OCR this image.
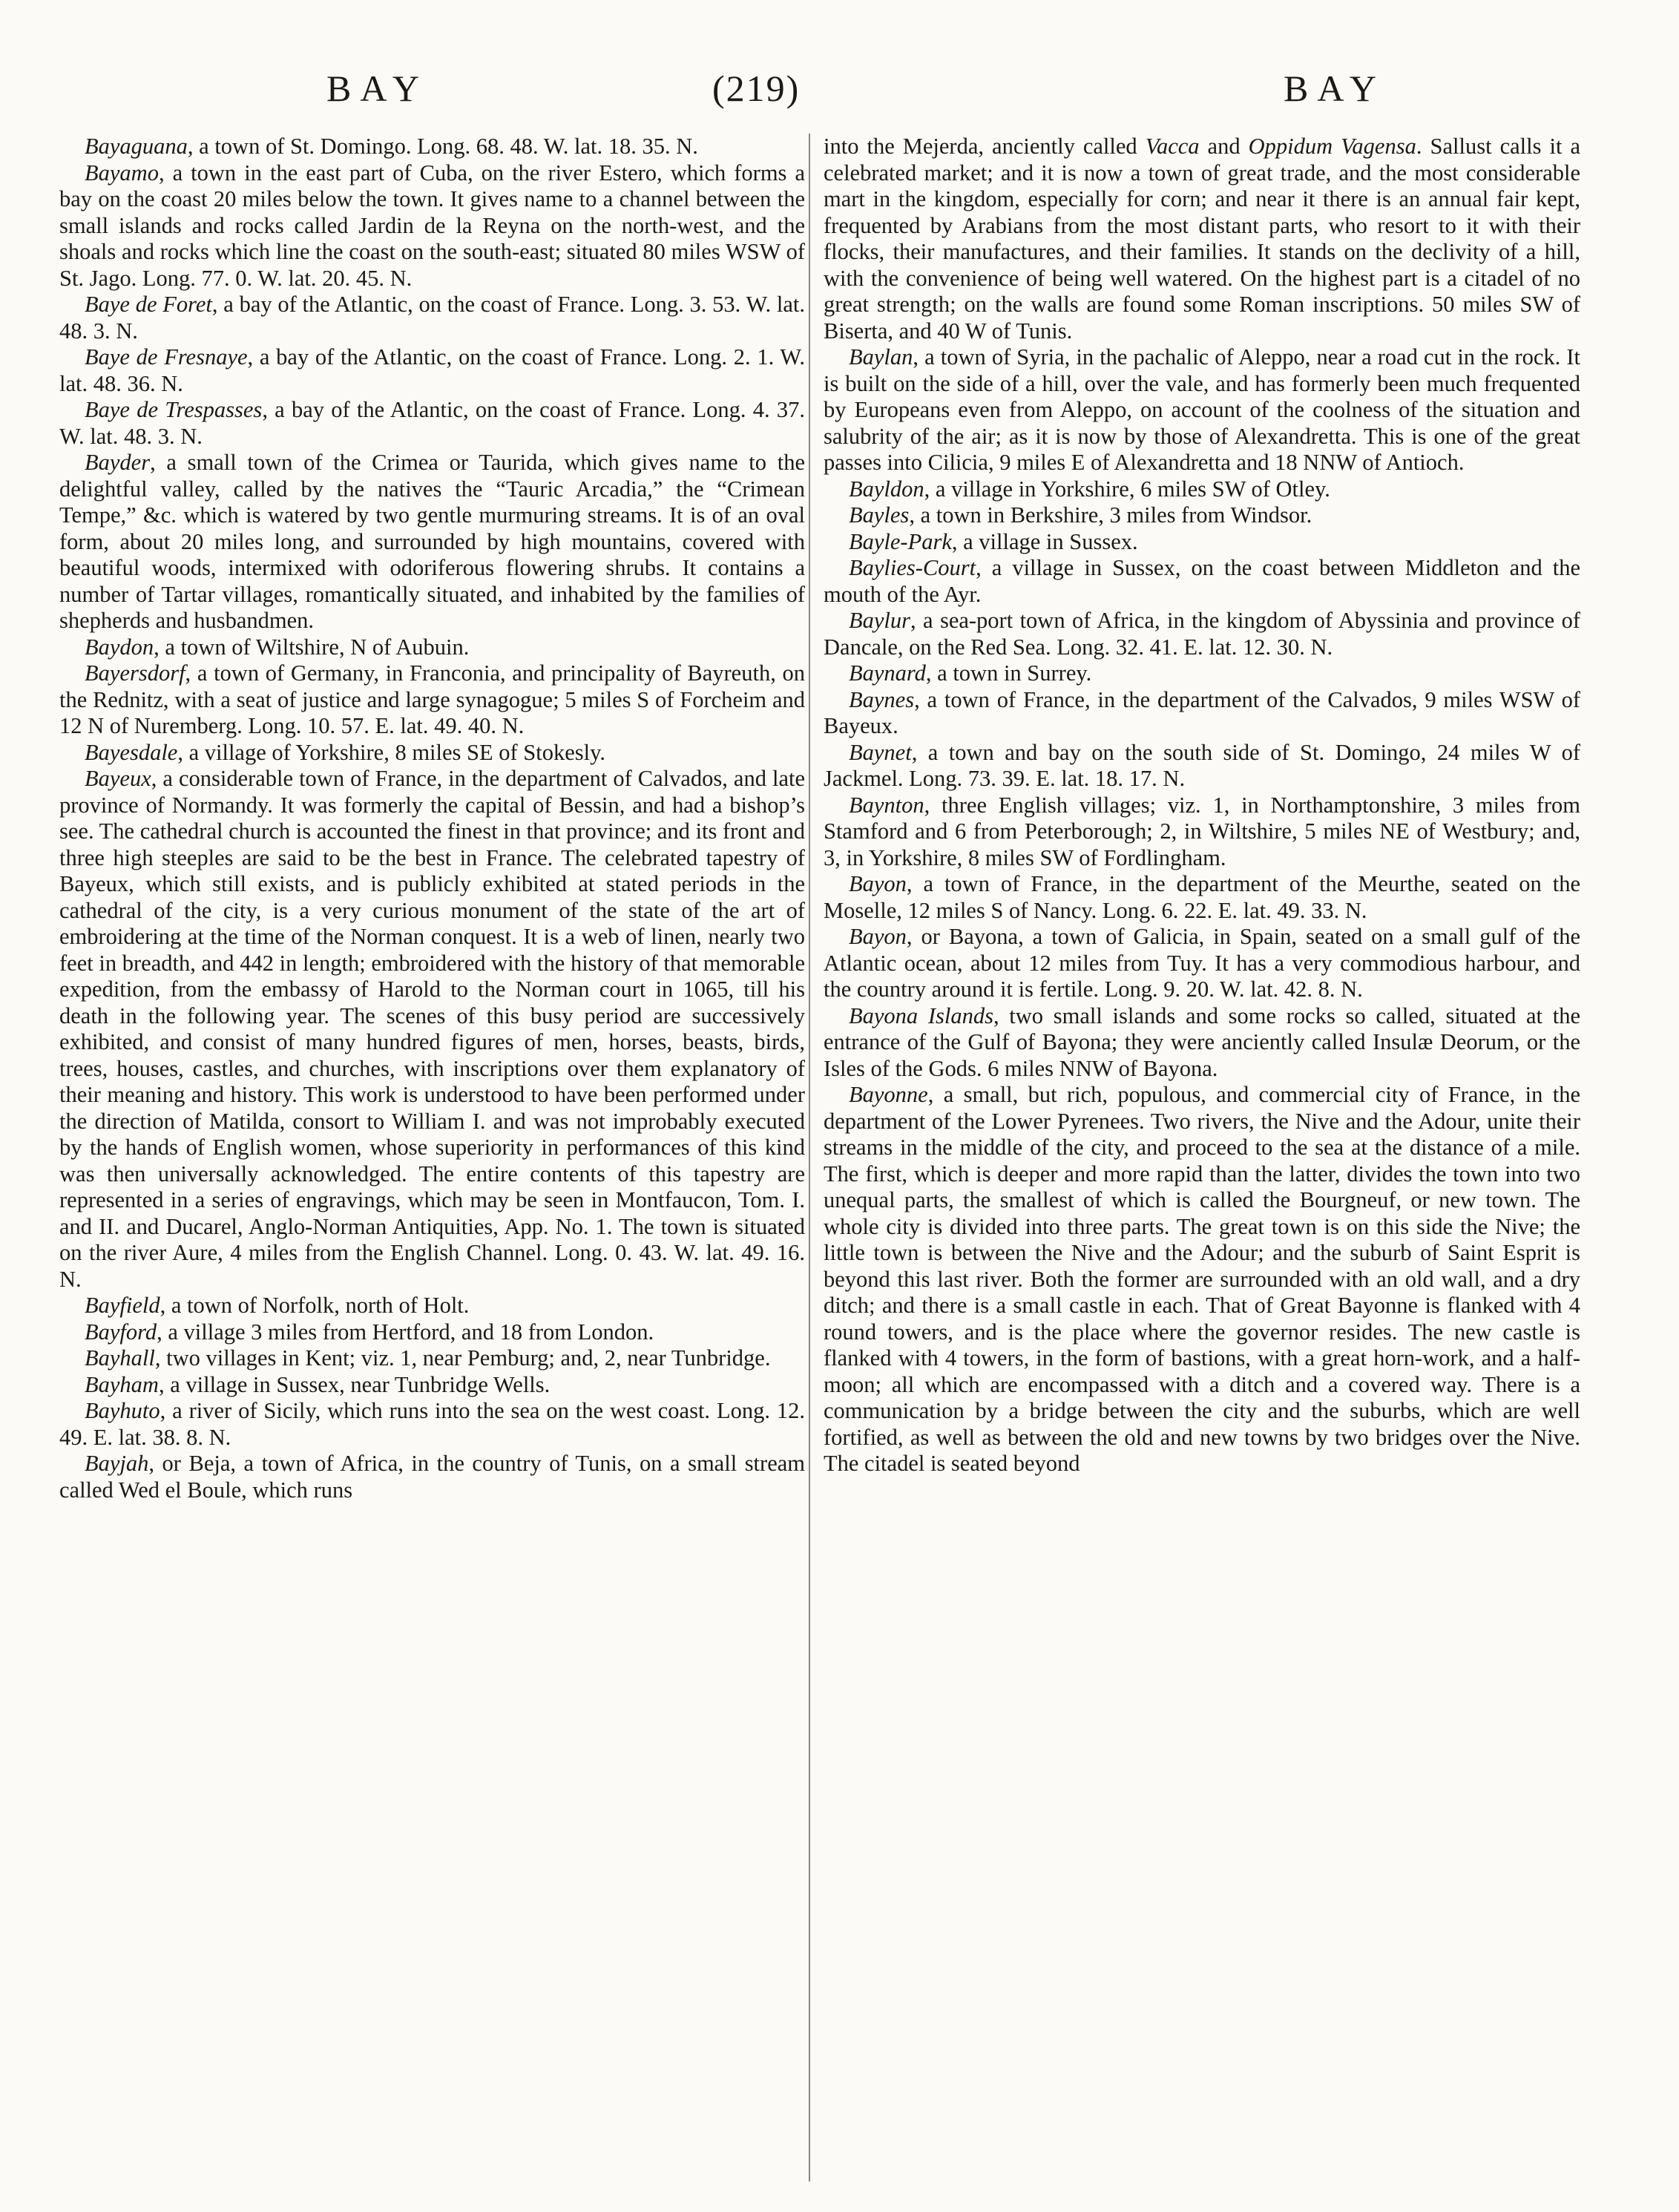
BAY	(219)	BAY

Bayaguana, a town of St. Domingo. Long. 68. 48. W. lat. 18. 35. N.

Bayamo, a town in the east part of Cuba, on the river Estero, which forms a bay on the coast 20 miles below the town. It gives name to a channel between the small islands and rocks called Jardin de la Reyna on the north-west, and the shoals and rocks which line the coast on the south-east; situated 80 miles WSW of St. Jago. Long. 77. 0. W. lat. 20. 45. N.

Baye de Foret, a bay of the Atlantic, on the coast of France. Long. 3. 53. W. lat. 48. 3. N.

Baye de Fresnaye, a bay of the Atlantic, on the coast of France. Long. 2. 1. W. lat. 48. 36. N.

Baye de Trespasses, a bay of the Atlantic, on the coast of France. Long. 4. 37. W. lat. 48. 3. N.

Bayder, a small town of the Crimea or Taurida, which gives name to the delightful valley, called by the natives the “Tauric Arcadia,” the “Crimean Tempe,” &c. which is watered by two gentle murmuring streams. It is of an oval form, about 20 miles long, and surrounded by high mountains, covered with beautiful woods, intermixed with odoriferous flowering shrubs. It contains a number of Tartar villages, romantically situated, and inhabited by the families of shepherds and husbandmen.

Baydon, a town of Wiltshire, N of Aubuin.

Bayersdorf, a town of Germany, in Franconia, and principality of Bayreuth, on the Rednitz, with a seat of justice and large synagogue; 5 miles S of Forcheim and 12 N of Nuremberg. Long. 10. 57. E. lat. 49. 40. N.

Bayesdale, a village of Yorkshire, 8 miles SE of Stokesly.

Bayeux, a considerable town of France, in the department of Calvados, and late province of Normandy. It was formerly the capital of Bessin, and had a bishop’s see. The cathedral church is accounted the finest in that province; and its front and three high steeples are said to be the best in France. The celebrated tapestry of Bayeux, which still exists, and is publicly exhibited at stated periods in the cathedral of the city, is a very curious monument of the state of the art of embroidering at the time of the Norman conquest. It is a web of linen, nearly two feet in breadth, and 442 in length; embroidered with the history of that memorable expedition, from the embassy of Harold to the Norman court in 1065, till his death in the following year. The scenes of this busy period are successively exhibited, and consist of many hundred figures of men, horses, beasts, birds, trees, houses, castles, and churches, with inscriptions over them explanatory of their meaning and history. This work is understood to have been performed under the direction of Matilda, consort to William I. and was not improbably executed by the hands of English women, whose superiority in performances of this kind was then universally acknowledged. The entire contents of this tapestry are represented in a series of engravings, which may be seen in Montfaucon, Tom. I. and II. and Ducarel, Anglo-Norman Antiquities, App. No. 1. The town is situated on the river Aure, 4 miles from the English Channel. Long. 0. 43. W. lat. 49. 16. N.

Bayfield, a town of Norfolk, north of Holt.

Bayford, a village 3 miles from Hertford, and 18 from London.

Bayhall, two villages in Kent; viz. 1, near Pemburg; and, 2, near Tunbridge.

Bayham, a village in Sussex, near Tunbridge Wells.

Bayhuto, a river of Sicily, which runs into the sea on the west coast. Long. 12. 49. E. lat. 38. 8. N.

Bayjah, or Beja, a town of Africa, in the country of Tunis, on a small stream called Wed el Boule, which runs

into the Mejerda, anciently called Vacca and Oppidum Vagensa. Sallust calls it a celebrated market; and it is now a town of great trade, and the most considerable mart in the kingdom, especially for corn; and near it there is an annual fair kept, frequented by Arabians from the most distant parts, who resort to it with their flocks, their manufactures, and their families. It stands on the declivity of a hill, with the convenience of being well watered. On the highest part is a citadel of no great strength; on the walls are found some Roman inscriptions. 50 miles SW of Biserta, and 40 W of Tunis.

Baylan, a town of Syria, in the pachalic of Aleppo, near a road cut in the rock. It is built on the side of a hill, over the vale, and has formerly been much frequented by Europeans even from Aleppo, on account of the coolness of the situation and salubrity of the air; as it is now by those of Alexandretta. This is one of the great passes into Cilicia, 9 miles E of Alexandretta and 18 NNW of Antioch.

Bayldon, a village in Yorkshire, 6 miles SW of Otley.

Bayles, a town in Berkshire, 3 miles from Windsor.

Bayle-Park, a village in Sussex.

Baylies-Court, a village in Sussex, on the coast between Middleton and the mouth of the Ayr.

Baylur, a sea-port town of Africa, in the kingdom of Abyssinia and province of Dancale, on the Red Sea. Long. 32. 41. E. lat. 12. 30. N.

Baynard, a town in Surrey.

Baynes, a town of France, in the department of the Calvados, 9 miles WSW of Bayeux.

Baynet, a town and bay on the south side of St. Domingo, 24 miles W of Jackmel. Long. 73. 39. E. lat. 18. 17. N.

Baynton, three English villages; viz. 1, in Northamptonshire, 3 miles from Stamford and 6 from Peterborough; 2, in Wiltshire, 5 miles NE of Westbury; and, 3, in Yorkshire, 8 miles SW of Fordlingham.

Bayon, a town of France, in the department of the Meurthe, seated on the Moselle, 12 miles S of Nancy. Long. 6. 22. E. lat. 49. 33. N.

Bayon, or Bayona, a town of Galicia, in Spain, seated on a small gulf of the Atlantic ocean, about 12 miles from Tuy. It has a very commodious harbour, and the country around it is fertile. Long. 9. 20. W. lat. 42. 8. N.

Bayona Islands, two small islands and some rocks so called, situated at the entrance of the Gulf of Bayona; they were anciently called Insulæ Deorum, or the Isles of the Gods. 6 miles NNW of Bayona.

Bayonne, a small, but rich, populous, and commercial city of France, in the department of the Lower Pyrenees. Two rivers, the Nive and the Adour, unite their streams in the middle of the city, and proceed to the sea at the distance of a mile. The first, which is deeper and more rapid than the latter, divides the town into two unequal parts, the smallest of which is called the Bourgneuf, or new town. The whole city is divided into three parts. The great town is on this side the Nive; the little town is between the Nive and the Adour; and the suburb of Saint Esprit is beyond this last river. Both the former are surrounded with an old wall, and a dry ditch; and there is a small castle in each. That of Great Bayonne is flanked with 4 round towers, and is the place where the governor resides. The new castle is flanked with 4 towers, in the form of bastions, with a great horn-work, and a half-moon; all which are encompassed with a ditch and a covered way. There is a communication by a bridge between the city and the suburbs, which are well fortified, as well as between the old and new towns by two bridges over the Nive. The citadel is seated beyond
